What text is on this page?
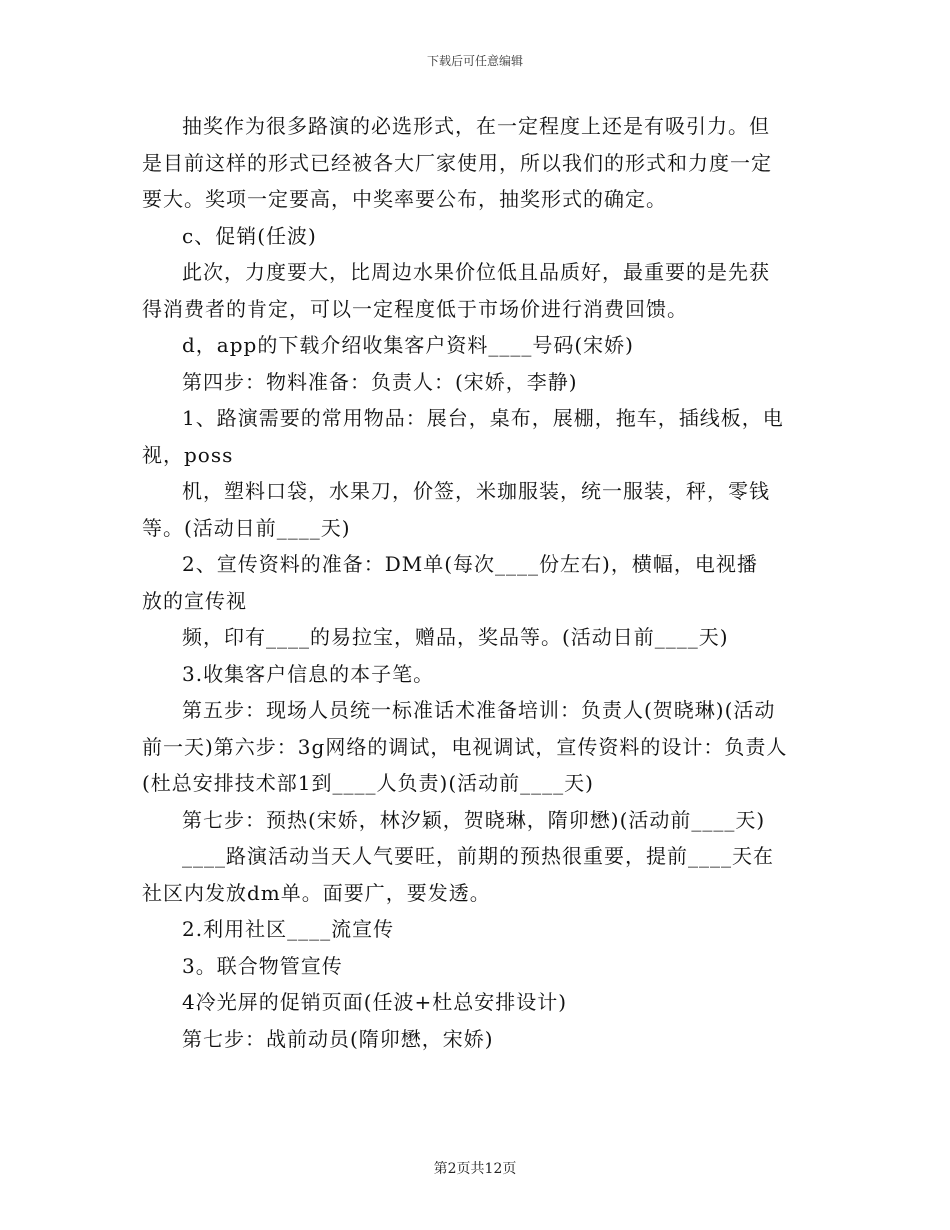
下载后可任意编辑

抽奖作为很多路演的必选形式，在一定程度上还是有吸引力。但

是目前这样的形式已经被各大厂家使用，所以我们的形式和力度一定

要大。奖项一定要高，中奖率要公布，抽奖形式的确定。

c、促销(任波)

此次，力度要大，比周边水果价位低且品质好，最重要的是先获

得消费者的肯定，可以一定程度低于市场价进行消费回馈。

d，app的下载介绍收集客户资料____号码(宋娇)

第四步：物料准备：负责人：(宋娇，李静)

1、路演需要的常用物品：展台，桌布，展棚，拖车，插线板，电

视，poss

机，塑料口袋，水果刀，价签，米珈服装，统一服装，秤，零钱

等。(活动日前____天)

2、宣传资料的准备：DM单(每次____份左右)，横幅，电视播

放的宣传视

频，印有____的易拉宝，赠品，奖品等。(活动日前____天)

3.收集客户信息的本子笔。

第五步：现场人员统一标准话术准备培训：负责人(贺晓琳)(活动

前一天)第六步：3g网络的调试，电视调试，宣传资料的设计：负责人

(杜总安排技术部1到____人负责)(活动前____天)

第七步：预热(宋娇，林汐颖，贺晓琳，隋卯懋)(活动前____天)

____路演活动当天人气要旺，前期的预热很重要，提前____天在

社区内发放dm单。面要广，要发透。

2.利用社区____流宣传

3。联合物管宣传

4冷光屏的促销页面(任波+杜总安排设计)

第七步：战前动员(隋卯懋，宋娇)

第2页共12页
